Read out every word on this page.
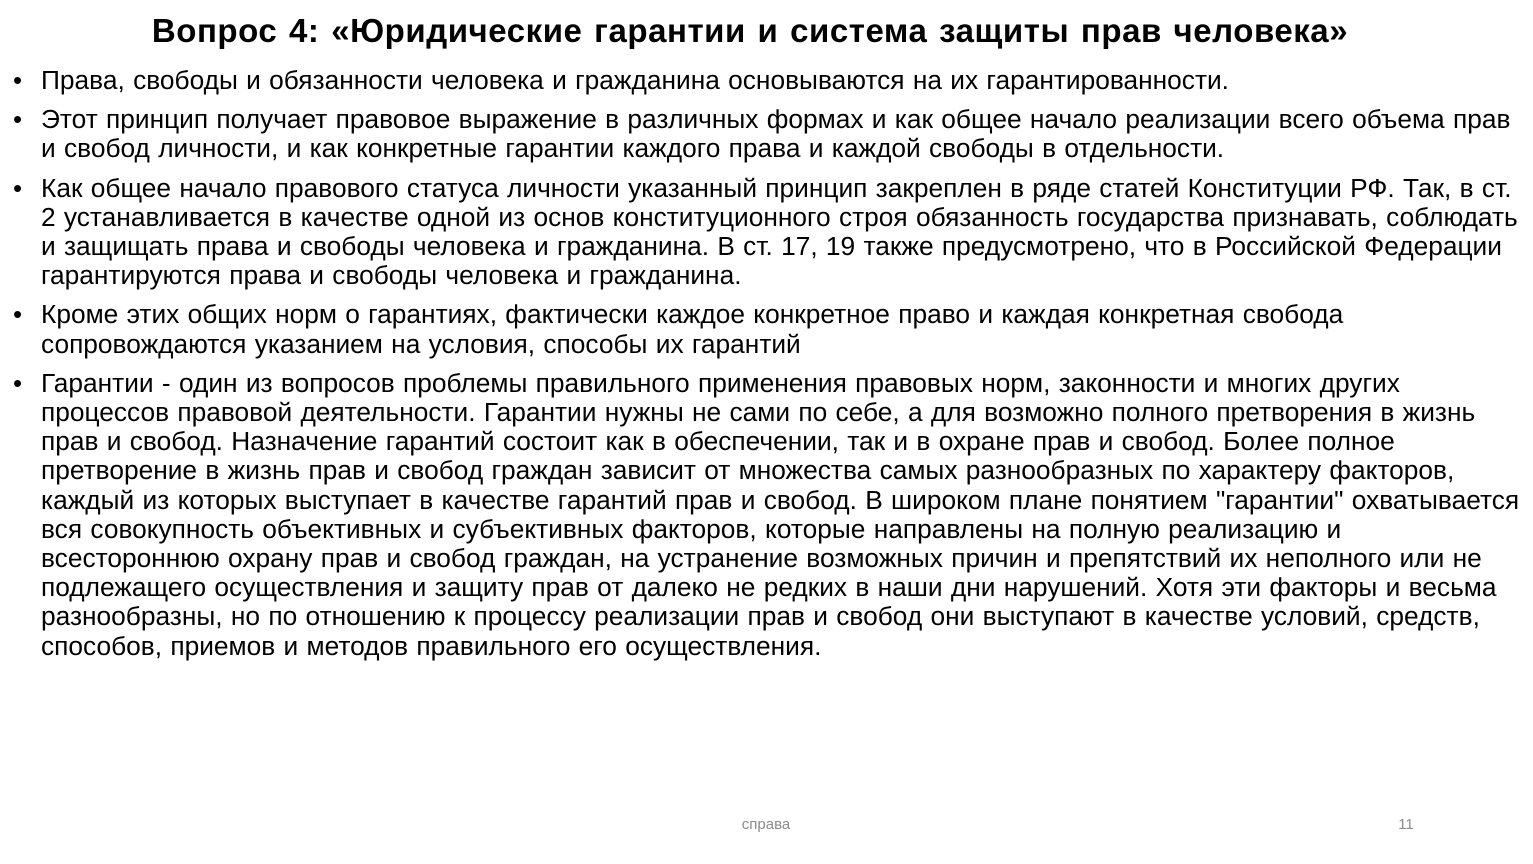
Вопрос 4: «Юридические гарантии и система защиты прав человека»
• Права, свободы и обязанности человека и гражданина основываются на их гарантированности.
• Этот принцип получает правовое выражение в различных формах и как общее начало реализации всего объема прав и свобод личности, и как конкретные гарантии каждого права и каждой свободы в отдельности.
• Как общее начало правового статуса личности указанный принцип закреплен в ряде статей Конституции РФ. Так, в ст. 2 устанавливается в качестве одной из основ конституционного строя обязанность государства признавать, соблюдать и защищать права и свободы человека и гражданина. В ст. 17, 19 также предусмотрено, что в Российской Федерации гарантируются права и свободы человека и гражданина.
• Кроме этих общих норм о гарантиях, фактически каждое конкретное право и каждая конкретная свобода сопровождаются указанием на условия, способы их гарантий
• Гарантии - один из вопросов проблемы правильного применения правовых норм, законности и многих других процессов правовой деятельности. Гарантии нужны не сами по себе, а для возможно полного претворения в жизнь прав и свобод. Назначение гарантий состоит как в обеспечении, так и в охране прав и свобод. Более полное претворение в жизнь прав и свобод граждан зависит от множества самых разнообразных по характеру факторов, каждый из которых выступает в качестве гарантий прав и свобод. В широком плане понятием "гарантии" охватывается вся совокупность объективных и субъективных факторов, которые направлены на полную реализацию и всестороннюю охрану прав и свобод граждан, на устранение возможных причин и препятствий их неполного или не подлежащего осуществления и защиту прав от далеко не редких в наши дни нарушений. Хотя эти факторы и весьма разнообразны, но по отношению к процессу реализации прав и свобод они выступают в качестве условий, средств, способов, приемов и методов правильного его осуществления.
справа	11
